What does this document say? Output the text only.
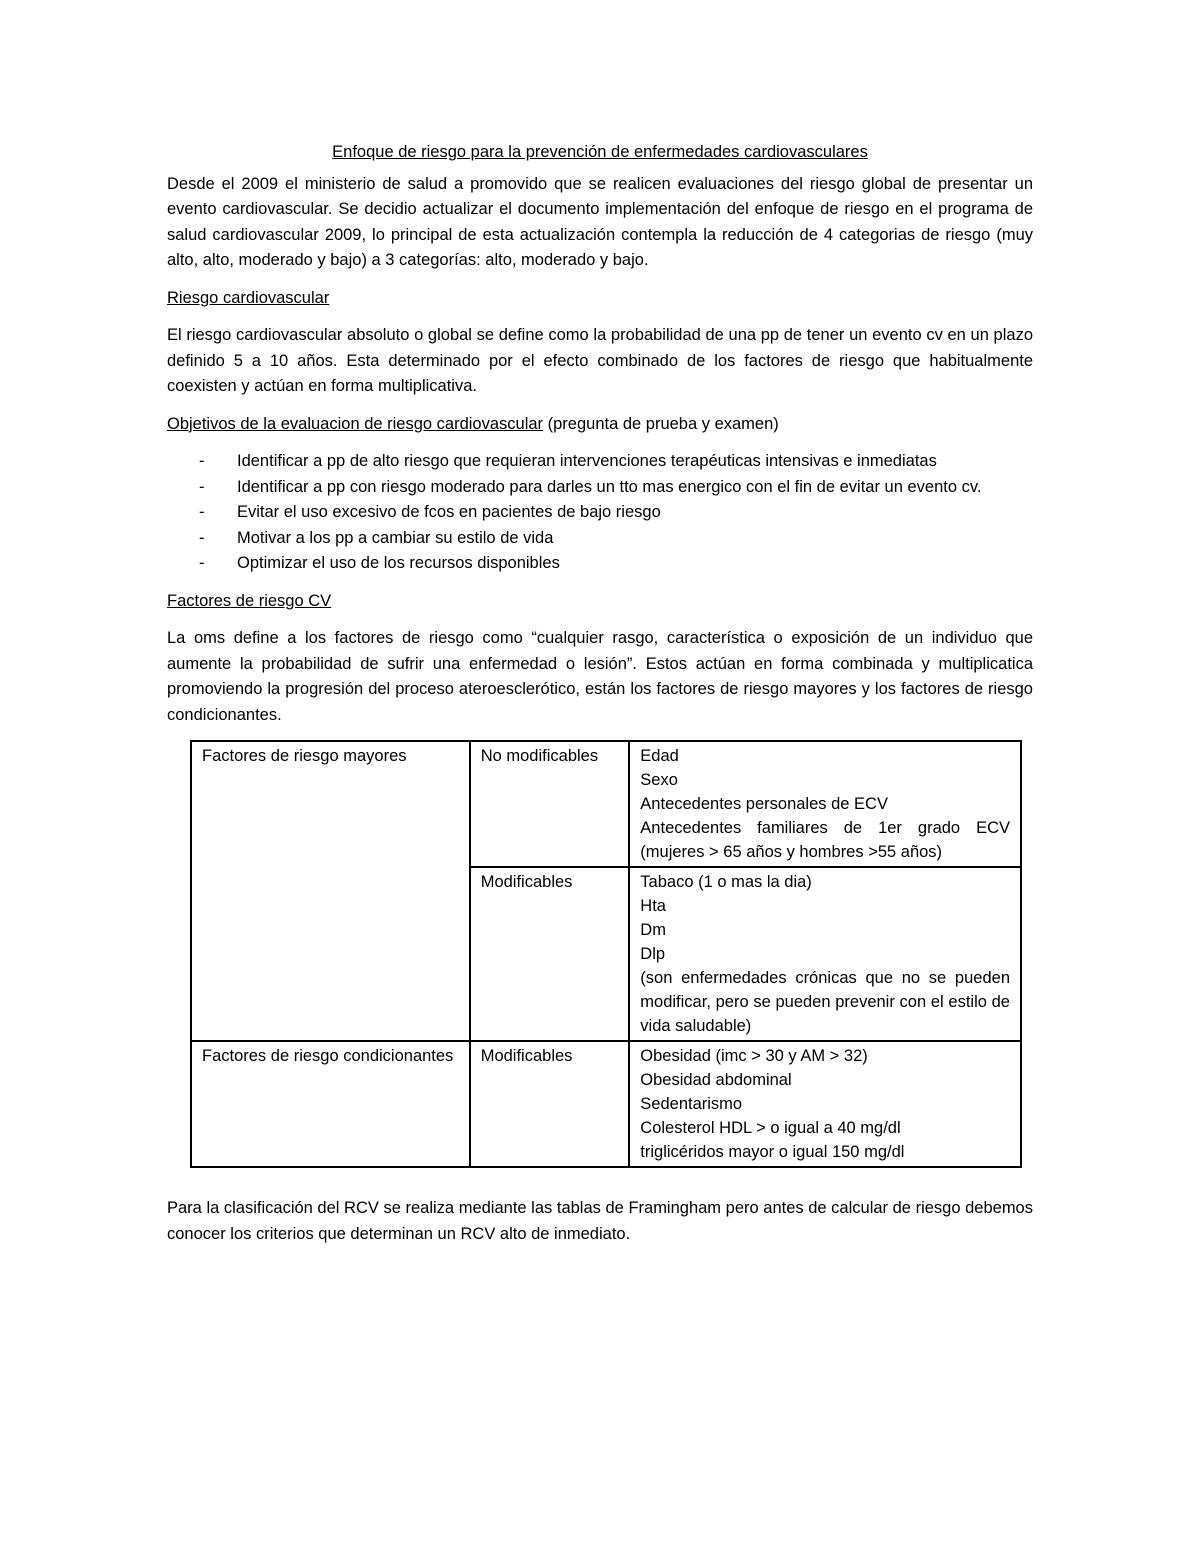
Enfoque de riesgo para la prevención de enfermedades cardiovasculares

Desde el 2009 el ministerio de salud a promovido que se realicen evaluaciones del riesgo global de presentar un evento cardiovascular. Se decidio actualizar el documento implementación del enfoque de riesgo en el programa de salud cardiovascular 2009, lo principal de esta actualización contempla la reducción de 4 categorias de riesgo (muy alto, alto, moderado y bajo) a 3 categorías: alto, moderado y bajo.

Riesgo cardiovascular

El riesgo cardiovascular absoluto o global se define como la probabilidad de una pp de tener un evento cv en un plazo definido 5 a 10 años. Esta determinado por el efecto combinado de los factores de riesgo que habitualmente coexisten y actúan en forma multiplicativa.

Objetivos de la evaluacion de riesgo cardiovascular (pregunta de prueba y examen)
- Identificar a pp de alto riesgo que requieran intervenciones terapéuticas intensivas e inmediatas
- Identificar a pp con riesgo moderado para darles un tto mas energico con el fin de evitar un evento cv.
- Evitar el uso excesivo de fcos en pacientes de bajo riesgo
- Motivar a los pp a cambiar su estilo de vida
- Optimizar el uso de los recursos disponibles
Factores de riesgo CV

La oms define a los factores de riesgo como “cualquier rasgo, característica o exposición de un individuo que aumente la probabilidad de sufrir una enfermedad o lesión”. Estos actúan en forma combinada y multiplicatica promoviendo la progresión del proceso ateroesclerótico, están los factores de riesgo mayores y los factores de riesgo condicionantes.

Factores de riesgo mayores	No modificables	Edad
Sexo
Antecedentes personales de ECV
Antecedentes familiares de 1er grado ECV
(mujeres > 65 años y hombres >55 años)

	Modificables	Tabaco (1 o mas la dia)
Hta
Dm
Dlp
(son enfermedades crónicas que no se pueden modificar, pero se pueden prevenir con el estilo de vida saludable)

Factores de riesgo condicionantes	Modificables	Obesidad (imc > 30 y AM > 32)
Obesidad abdominal
Sedentarismo
Colesterol HDL > o igual a 40 mg/dl
triglicéridos mayor o igual 150 mg/dl

Para la clasificación del RCV se realiza mediante las tablas de Framingham pero antes de calcular de riesgo debemos conocer los criterios que determinan un RCV alto de inmediato.
